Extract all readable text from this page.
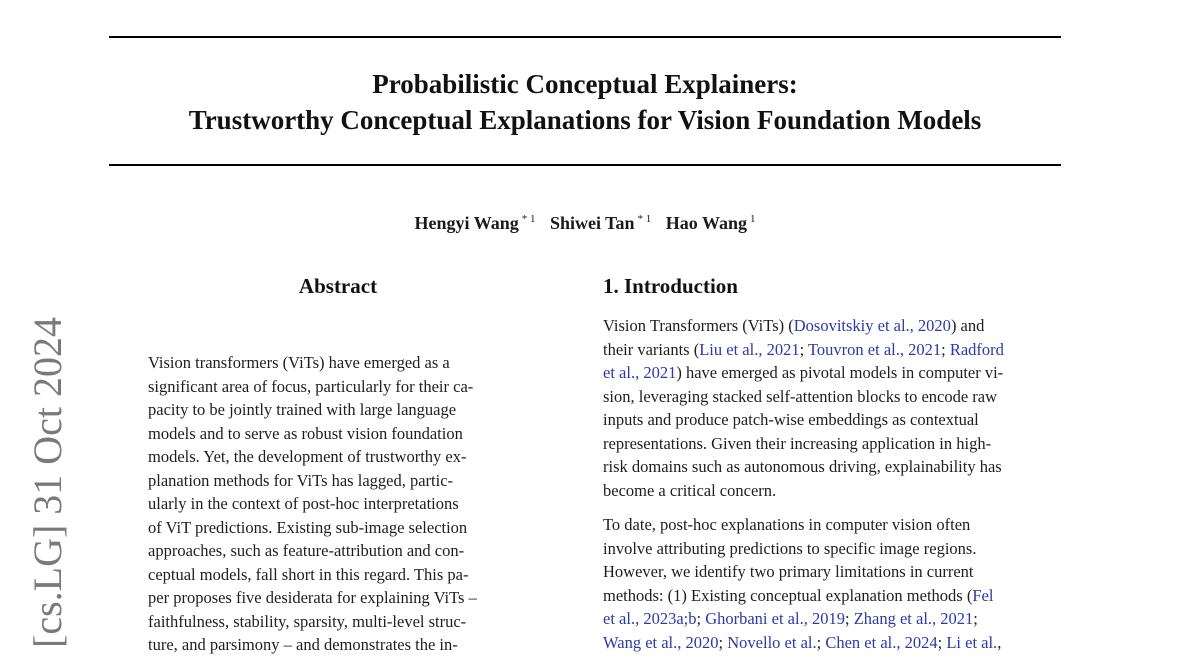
Probabilistic Conceptual Explainers:
Trustworthy Conceptual Explanations for Vision Foundation Models
Hengyi Wang $^{* 1}$ Shiwei Tan $^{* 1}$ Hao Wang $^1$
[cs.LG] 31 Oct 2024
Abstract	1. Introduction
Vision transformers (ViTs) have emerged as a
significant area of focus, particularly for their ca-
pacity to be jointly trained with large language
models and to serve as robust vision foundation
models. Yet, the development of trustworthy ex-
planation methods for ViTs has lagged, partic-
ularly in the context of post-hoc interpretations
of ViT predictions. Existing sub-image selection
approaches, such as feature-attribution and con-
ceptual models, fall short in this regard. This pa-
per proposes five desiderata for explaining ViTs –
faithfulness, stability, sparsity, multi-level struc-
ture, and parsimony – and demonstrates the in-
Vision Transformers (ViTs) (Dosovitskiy et al., 2020) and
their variants (Liu et al., 2021; Touvron et al., 2021; Radford
et al., 2021) have emerged as pivotal models in computer vi-
sion, leveraging stacked self-attention blocks to encode raw
inputs and produce patch-wise embeddings as contextual
representations. Given their increasing application in high-
risk domains such as autonomous driving, explainability has
become a critical concern.
To date, post-hoc explanations in computer vision often
involve attributing predictions to specific image regions.
However, we identify two primary limitations in current
methods: (1) Existing conceptual explanation methods (Fel
et al., 2023a;b; Ghorbani et al., 2019; Zhang et al., 2021;
Wang et al., 2020; Novello et al.; Chen et al., 2024; Li et al.,
